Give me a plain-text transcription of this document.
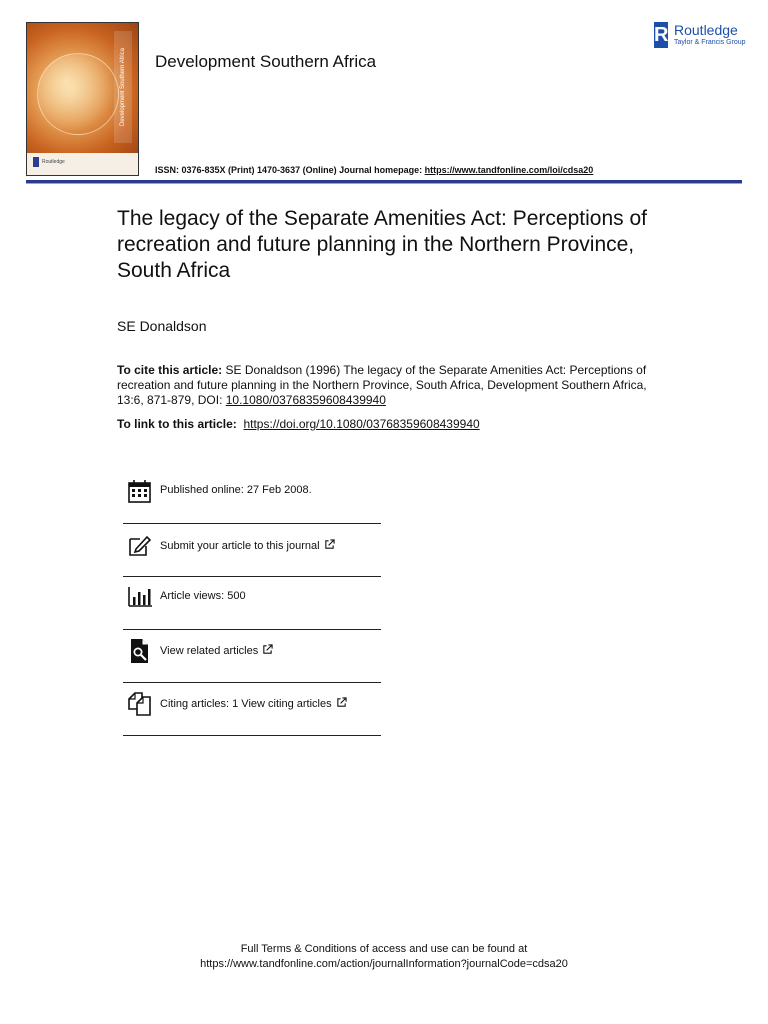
Development Southern Africa
Routledge
Development Southern Africa
R Routledge
Taylor & Francis Group
ISSN: 0376-835X (Print) 1470-3637 (Online) Journal homepage: https://www.tandfonline.com/loi/cdsa20
The legacy of the Separate Amenities Act: Perceptions of recreation and future planning in the Northern Province, South Africa
SE Donaldson
To cite this article: SE Donaldson (1996) The legacy of the Separate Amenities Act: Perceptions of recreation and future planning in the Northern Province, South Africa, Development Southern Africa, 13:6, 871-879, DOI: 10.1080/03768359608439940
To link to this article: https://doi.org/10.1080/03768359608439940
Published online: 27 Feb 2008.
Submit your article to this journal
Article views: 500
View related articles
Citing articles: 1 View citing articles
Full Terms & Conditions of access and use can be found at
https://www.tandfonline.com/action/journalInformation?journalCode=cdsa20
